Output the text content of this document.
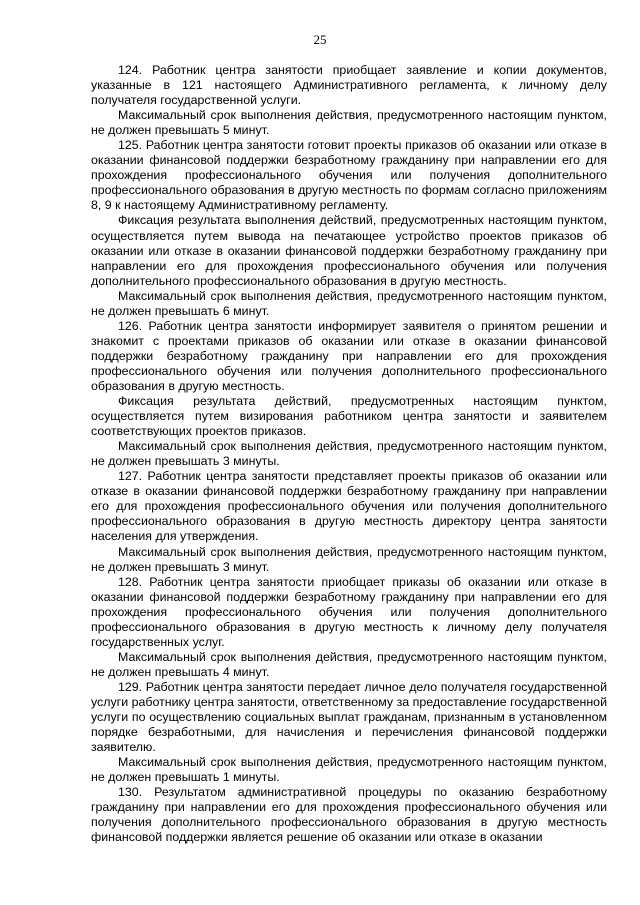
25

124. Работник центра занятости приобщает заявление и копии документов, указанные в 121 настоящего Административного регламента, к личному делу получателя государственной услуги.

Максимальный срок выполнения действия, предусмотренного настоящим пунктом, не должен превышать 5 минут.

125. Работник центра занятости готовит проекты приказов об оказании или отказе в оказании финансовой поддержки безработному гражданину при направлении его для прохождения профессионального обучения или получения дополнительного профессионального образования в другую местность по формам согласно приложениям 8, 9 к настоящему Административному регламенту.

Фиксация результата выполнения действий, предусмотренных настоящим пунктом, осуществляется путем вывода на печатающее устройство проектов приказов об оказании или отказе в оказании финансовой поддержки безработному гражданину при направлении его для прохождения профессионального обучения или получения дополнительного профессионального образования в другую местность.

Максимальный срок выполнения действия, предусмотренного настоящим пунктом, не должен превышать 6 минут.

126. Работник центра занятости информирует заявителя о принятом решении и знакомит с проектами приказов об оказании или отказе в оказании финансовой поддержки безработному гражданину при направлении его для прохождения профессионального обучения или получения дополнительного профессионального образования в другую местность.

Фиксация результата действий, предусмотренных настоящим пунктом, осуществляется путем визирования работником центра занятости и заявителем соответствующих проектов приказов.

Максимальный срок выполнения действия, предусмотренного настоящим пунктом, не должен превышать 3 минуты.

127. Работник центра занятости представляет проекты приказов об оказании или отказе в оказании финансовой поддержки безработному гражданину при направлении его для прохождения профессионального обучения или получения дополнительного профессионального образования в другую местность директору центра занятости населения для утверждения.

Максимальный срок выполнения действия, предусмотренного настоящим пунктом, не должен превышать 3 минут.

128. Работник центра занятости приобщает приказы об оказании или отказе в оказании финансовой поддержки безработному гражданину при направлении его для прохождения профессионального обучения или получения дополнительного профессионального образования в другую местность к личному делу получателя государственных услуг.

Максимальный срок выполнения действия, предусмотренного настоящим пунктом, не должен превышать 4 минут.

129. Работник центра занятости передает личное дело получателя государственной услуги работнику центра занятости, ответственному за предоставление государственной услуги по осуществлению социальных выплат гражданам, признанным в установленном порядке безработными, для начисления и перечисления финансовой поддержки заявителю.

Максимальный срок выполнения действия, предусмотренного настоящим пунктом, не должен превышать 1 минуты.

130. Результатом административной процедуры по оказанию безработному гражданину при направлении его для прохождения профессионального обучения или получения дополнительного профессионального образования в другую местность финансовой поддержки является решение об оказании или отказе в оказании
